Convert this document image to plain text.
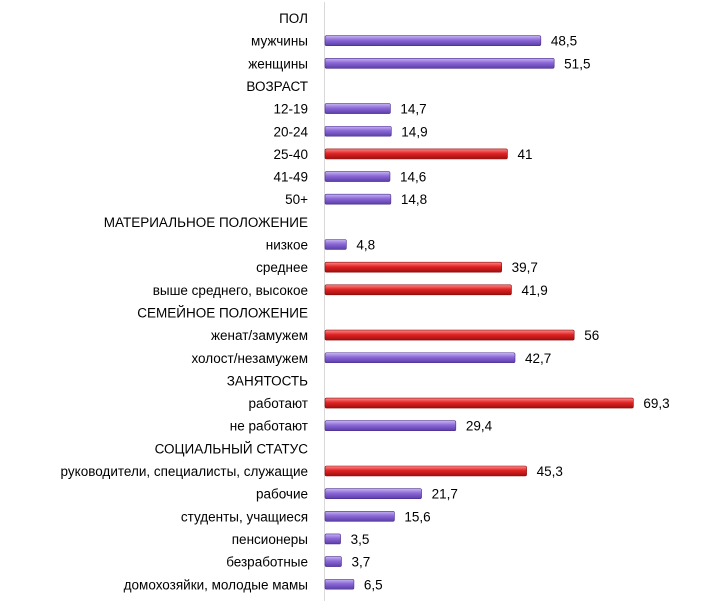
ПОЛ
мужчины
женщины
ВОЗРАСТ
12-19
20-24
25-40
41-49
50+
МАТЕРИАЛЬНОЕ ПОЛОЖЕНИЕ
низкое
среднее
выше среднего, высокое
СЕМЕЙНОЕ ПОЛОЖЕНИЕ
женат/замужем
холост/незамужем
ЗАНЯТОСТЬ
работают
не работают
СОЦИАЛЬНЫЙ СТАТУС
руководители, специалисты, служащие
рабочие
студенты, учащиеся
пенсионеры
безработные
домохозяйки, молодые мамы
48,5
51,5
14,7
14,9
41
14,6
14,8
4,8
39,7
41,9
56
42,7
69,3
29,4
45,3
21,7
15,6
3,5
3,7
6,5
